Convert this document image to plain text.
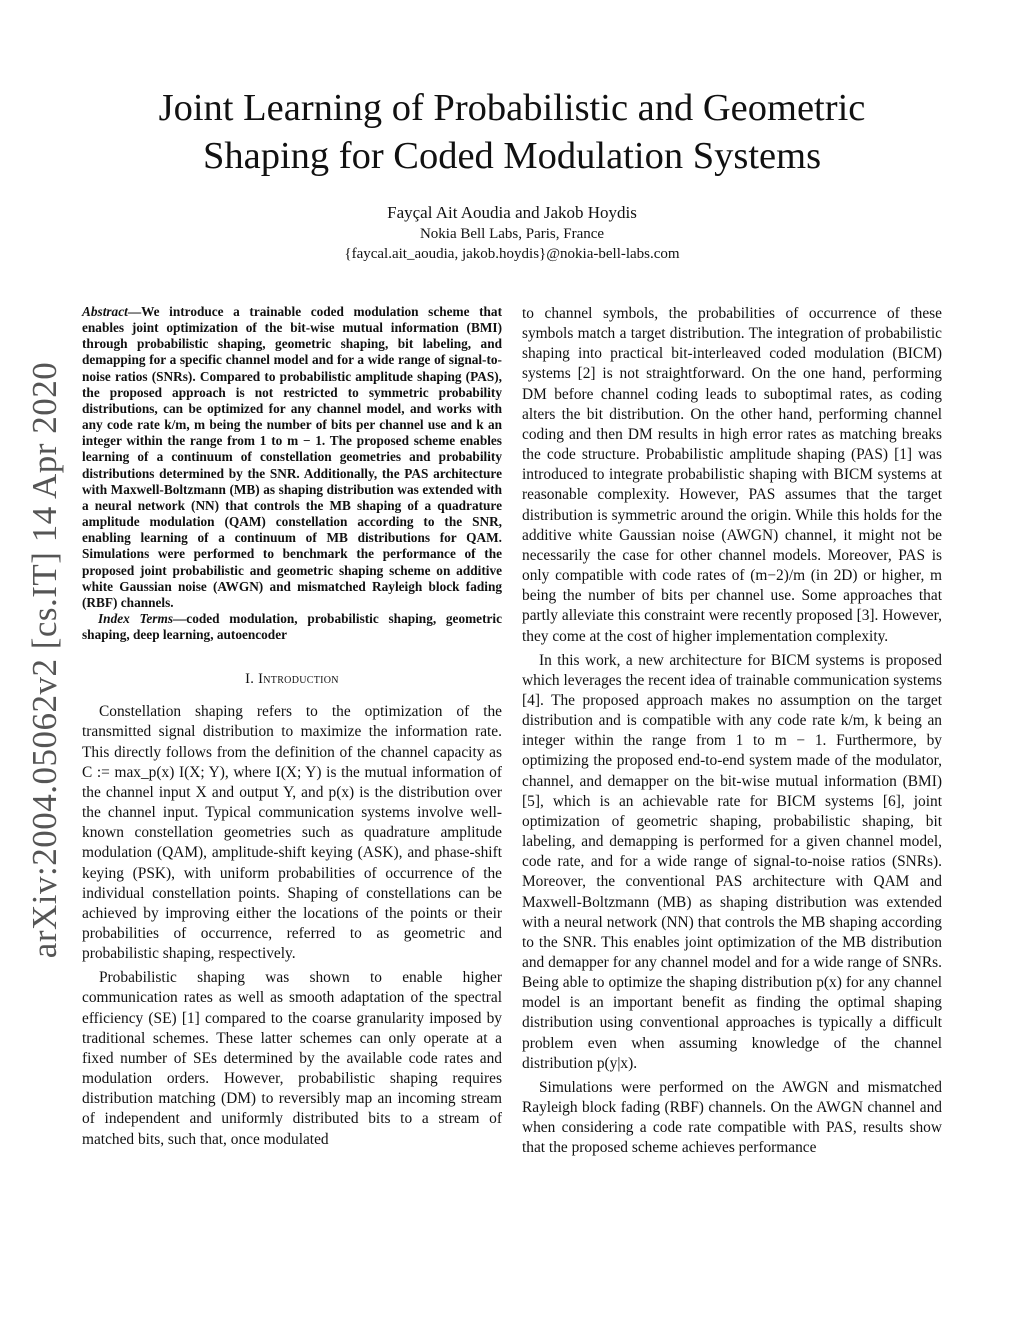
arXiv:2004.05062v2 [cs.IT] 14 Apr 2020
Joint Learning of Probabilistic and Geometric
Shaping for Coded Modulation Systems
Fayçal Ait Aoudia and Jakob Hoydis
Nokia Bell Labs, Paris, France
{faycal.ait_aoudia, jakob.hoydis}@nokia-bell-labs.com

Abstract—We introduce a trainable coded modulation scheme that enables joint optimization of the bit-wise mutual information (BMI) through probabilistic shaping, geometric shaping, bit labeling, and demapping for a specific channel model and for a wide range of signal-to-noise ratios (SNRs). Compared to probabilistic amplitude shaping (PAS), the proposed approach is not restricted to symmetric probability distributions, can be optimized for any channel model, and works with any code rate k/m, m being the number of bits per channel use and k an integer within the range from 1 to m − 1. The proposed scheme enables learning of a continuum of constellation geometries and probability distributions determined by the SNR. Additionally, the PAS architecture with Maxwell-Boltzmann (MB) as shaping distribution was extended with a neural network (NN) that controls the MB shaping of a quadrature amplitude modulation (QAM) constellation according to the SNR, enabling learning of a continuum of MB distributions for QAM. Simulations were performed to benchmark the performance of the proposed joint probabilistic and geometric shaping scheme on additive white Gaussian noise (AWGN) and mismatched Rayleigh block fading (RBF) channels.

Index Terms—coded modulation, probabilistic shaping, geometric shaping, deep learning, autoencoder

I. Introduction

Constellation shaping refers to the optimization of the transmitted signal distribution to maximize the information rate. This directly follows from the definition of the channel capacity as C := max_p(x) I(X; Y), where I(X; Y) is the mutual information of the channel input X and output Y, and p(x) is the distribution over the channel input. Typical communication systems involve well-known constellation geometries such as quadrature amplitude modulation (QAM), amplitude-shift keying (ASK), and phase-shift keying (PSK), with uniform probabilities of occurrence of the individual constellation points. Shaping of constellations can be achieved by improving either the locations of the points or their probabilities of occurrence, referred to as geometric and probabilistic shaping, respectively.

Probabilistic shaping was shown to enable higher communication rates as well as smooth adaptation of the spectral efficiency (SE) [1] compared to the coarse granularity imposed by traditional schemes. These latter schemes can only operate at a fixed number of SEs determined by the available code rates and modulation orders. However, probabilistic shaping requires distribution matching (DM) to reversibly map an incoming stream of independent and uniformly distributed bits to a stream of matched bits, such that, once modulated

to channel symbols, the probabilities of occurrence of these symbols match a target distribution. The integration of probabilistic shaping into practical bit-interleaved coded modulation (BICM) systems [2] is not straightforward. On the one hand, performing DM before channel coding leads to suboptimal rates, as coding alters the bit distribution. On the other hand, performing channel coding and then DM results in high error rates as matching breaks the code structure. Probabilistic amplitude shaping (PAS) [1] was introduced to integrate probabilistic shaping with BICM systems at reasonable complexity. However, PAS assumes that the target distribution is symmetric around the origin. While this holds for the additive white Gaussian noise (AWGN) channel, it might not be necessarily the case for other channel models. Moreover, PAS is only compatible with code rates of (m−2)/m (in 2D) or higher, m being the number of bits per channel use. Some approaches that partly alleviate this constraint were recently proposed [3]. However, they come at the cost of higher implementation complexity.

In this work, a new architecture for BICM systems is proposed which leverages the recent idea of trainable communication systems [4]. The proposed approach makes no assumption on the target distribution and is compatible with any code rate k/m, k being an integer within the range from 1 to m − 1. Furthermore, by optimizing the proposed end-to-end system made of the modulator, channel, and demapper on the bit-wise mutual information (BMI) [5], which is an achievable rate for BICM systems [6], joint optimization of geometric shaping, probabilistic shaping, bit labeling, and demapping is performed for a given channel model, code rate, and for a wide range of signal-to-noise ratios (SNRs). Moreover, the conventional PAS architecture with QAM and Maxwell-Boltzmann (MB) as shaping distribution was extended with a neural network (NN) that controls the MB shaping according to the SNR. This enables joint optimization of the MB distribution and demapper for any channel model and for a wide range of SNRs. Being able to optimize the shaping distribution p(x) for any channel model is an important benefit as finding the optimal shaping distribution using conventional approaches is typically a difficult problem even when assuming knowledge of the channel distribution p(y|x).

Simulations were performed on the AWGN and mismatched Rayleigh block fading (RBF) channels. On the AWGN channel and when considering a code rate compatible with PAS, results show that the proposed scheme achieves performance
